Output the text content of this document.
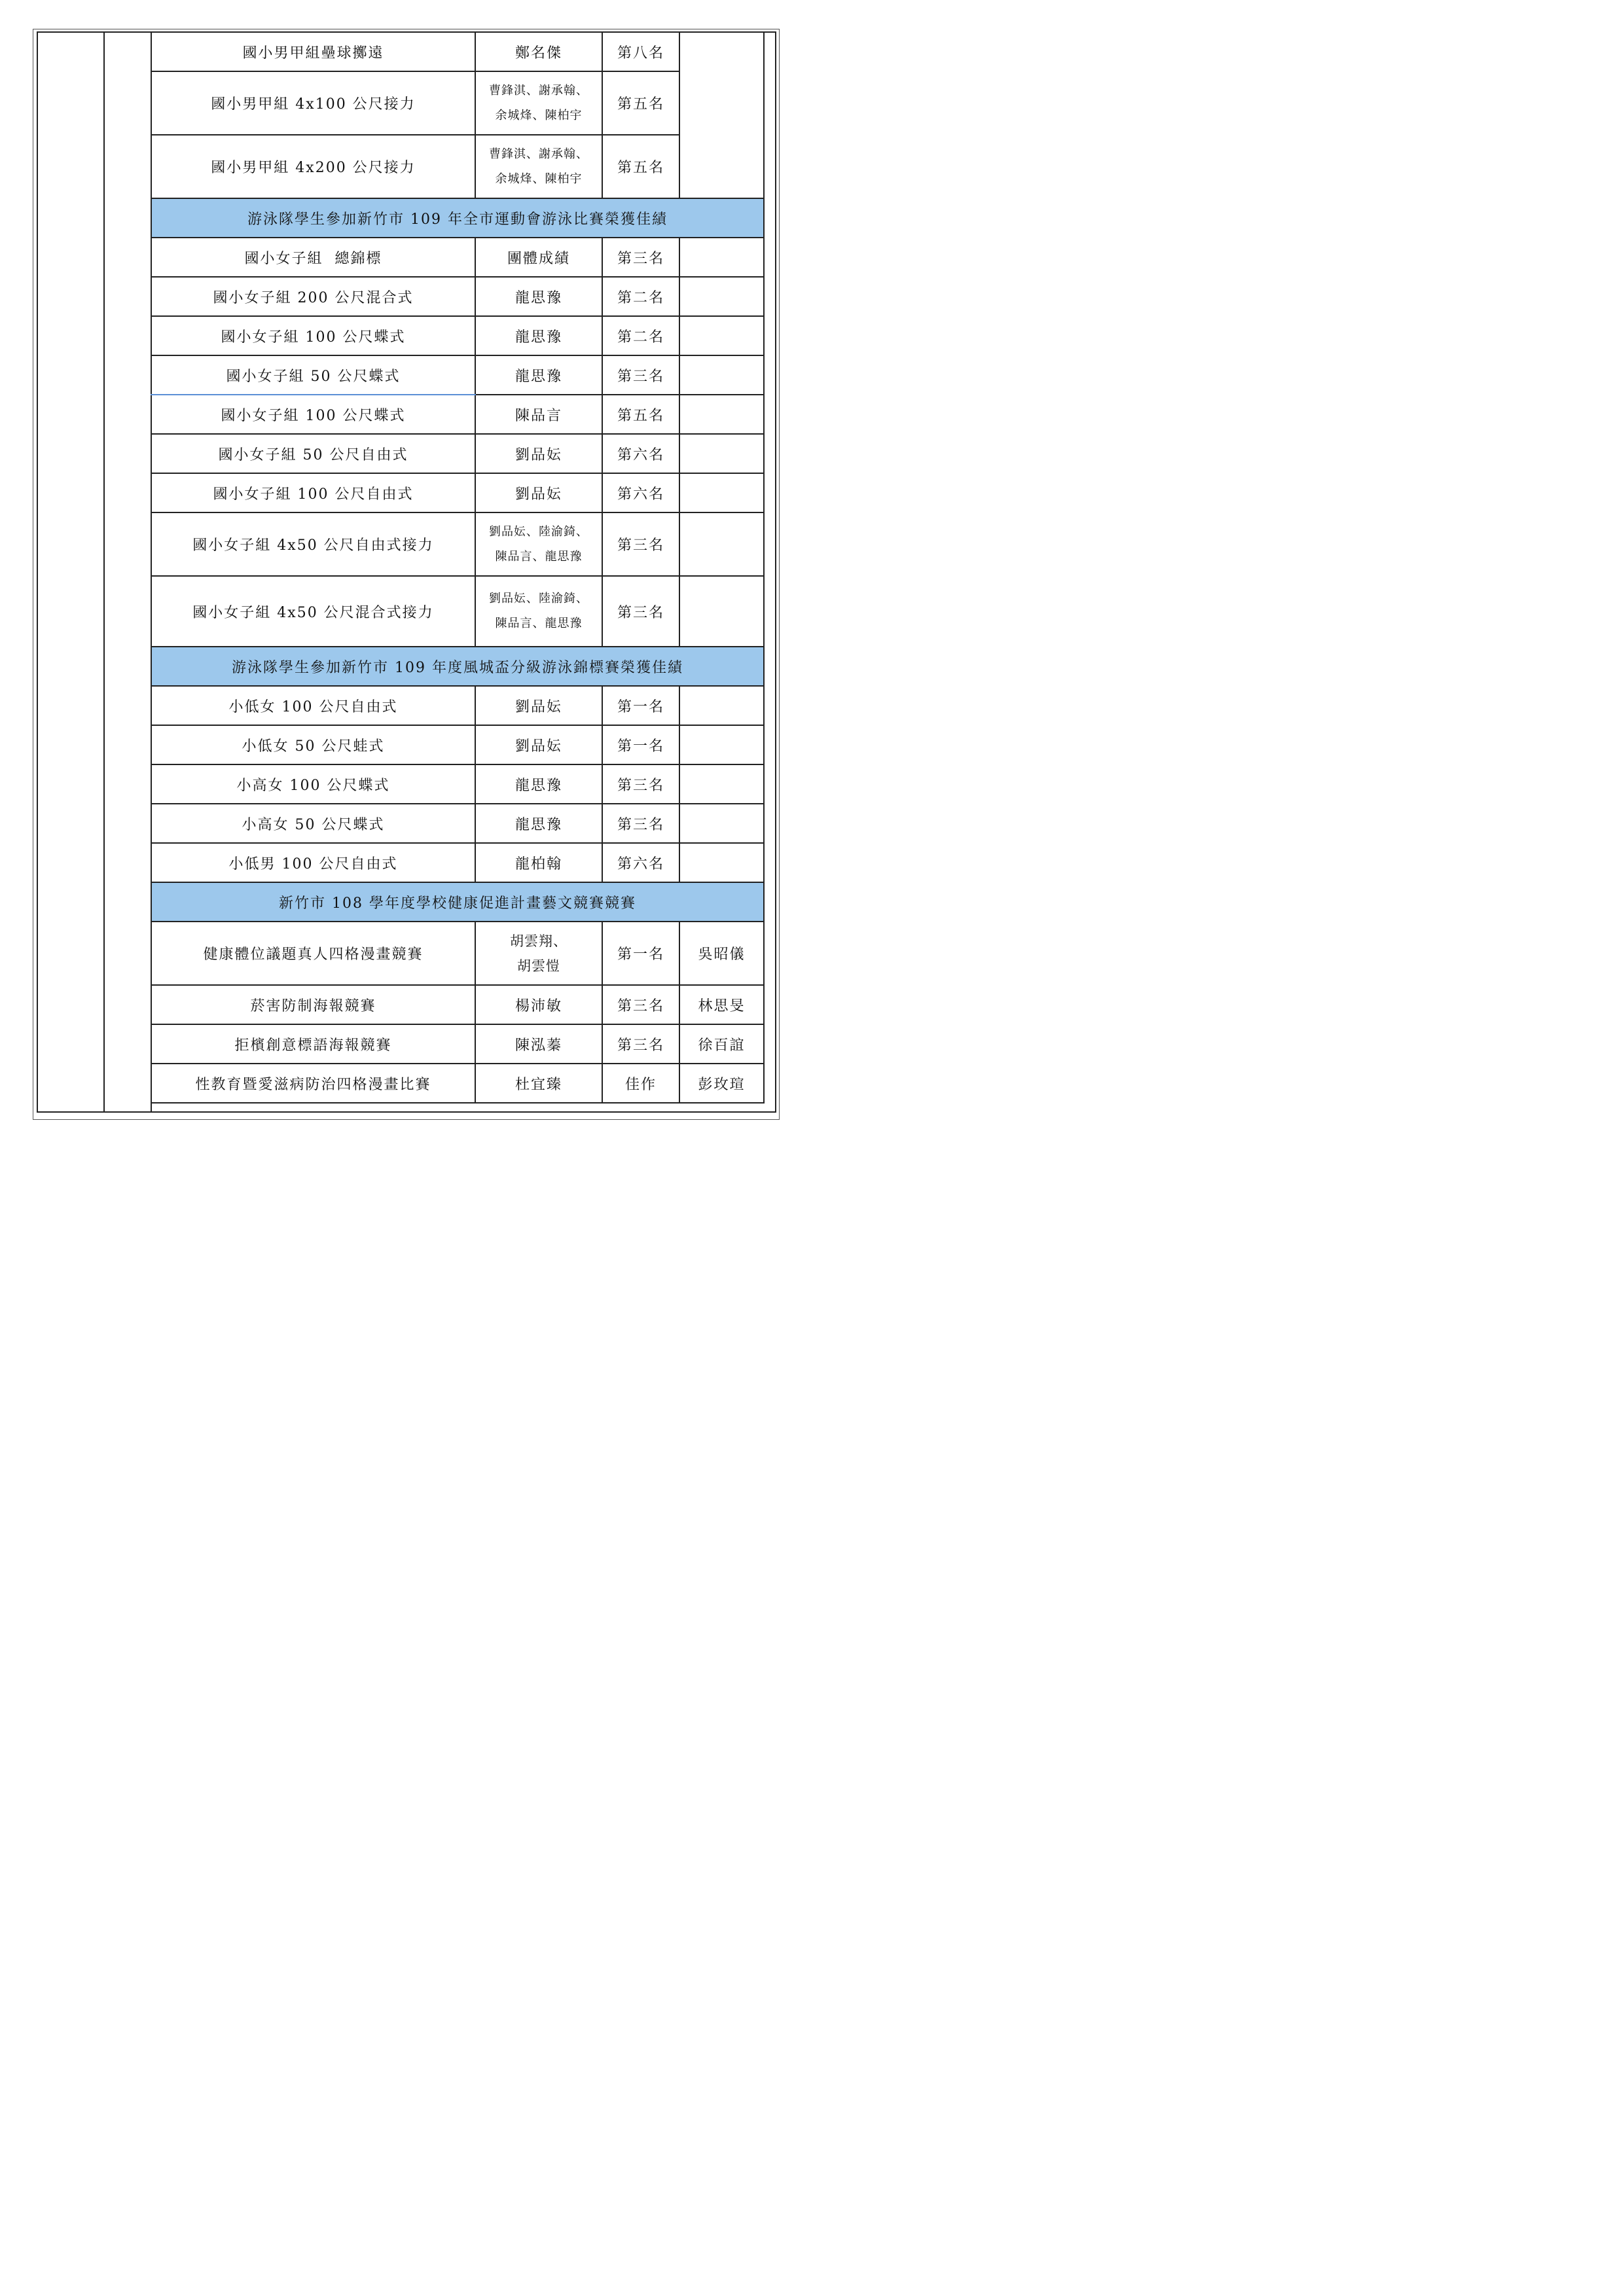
國小男甲組壘球擲遠	鄭名傑	第八名	
國小男甲組 4x100 公尺接力	曹鋒淇、謝承翰、
余城烽、陳柏宇	第五名	
國小男甲組 4x200 公尺接力	曹鋒淇、謝承翰、
余城烽、陳柏宇	第五名	
游泳隊學生參加新竹市 109 年全市運動會游泳比賽榮獲佳績			
國小女子組  總錦標	團體成績	第三名	
國小女子組 200 公尺混合式	龍思豫	第二名	
國小女子組 100 公尺蝶式	龍思豫	第二名	
國小女子組 50 公尺蝶式	龍思豫	第三名	
國小女子組 100 公尺蝶式	陳品言	第五名	
國小女子組 50 公尺自由式	劉品妘	第六名	
國小女子組 100 公尺自由式	劉品妘	第六名	
國小女子組 4x50 公尺自由式接力	劉品妘、陸渝錡、
陳品言、龍思豫	第三名	
國小女子組 4x50 公尺混合式接力	劉品妘、陸渝錡、
陳品言、龍思豫	第三名	
游泳隊學生參加新竹市 109 年度風城盃分級游泳錦標賽榮獲佳績			
小低女 100 公尺自由式	劉品妘	第一名	
小低女 50 公尺蛙式	劉品妘	第一名	
小高女 100 公尺蝶式	龍思豫	第三名	
小高女 50 公尺蝶式	龍思豫	第三名	
小低男 100 公尺自由式	龍柏翰	第六名	
新竹市 108 學年度學校健康促進計畫藝文競賽競賽			
健康體位議題真人四格漫畫競賽	胡雲翔、
胡雲愷	第一名	吳昭儀
菸害防制海報競賽	楊沛敏	第三名	林思旻
拒檳創意標語海報競賽	陳泓蓁	第三名	徐百誼
性教育暨愛滋病防治四格漫畫比賽	杜宜臻	佳作	彭玫瑄
